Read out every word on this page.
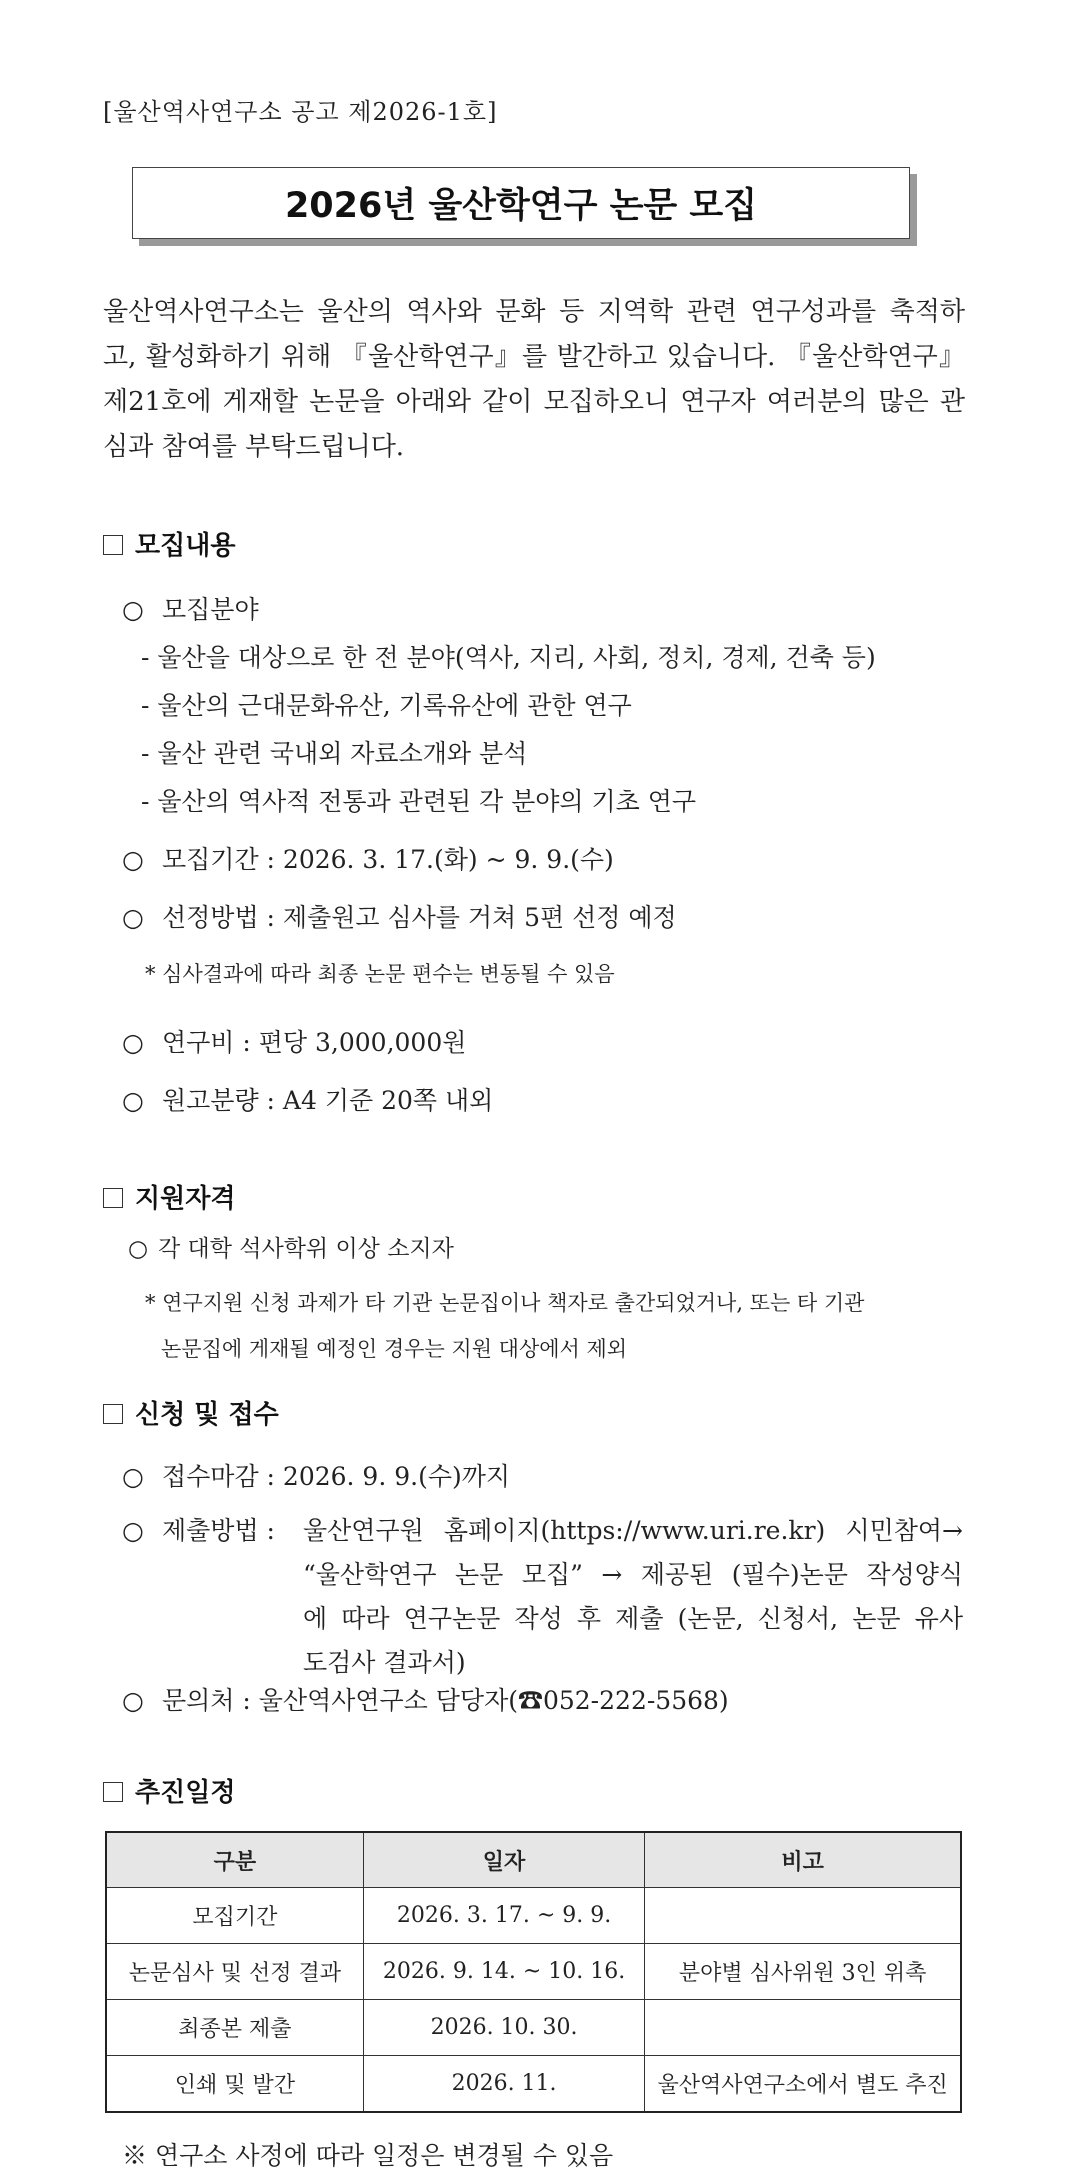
[울산역사연구소 공고 제2026-1호]
2026년 울산학연구 논문 모집
울산역사연구소는 울산의 역사와 문화 등 지역학 관련 연구성과를 축적하
고, 활성화하기 위해 『울산학연구』를 발간하고 있습니다. 『울산학연구』
제21호에 게재할 논문을 아래와 같이 모집하오니 연구자 여러분의 많은 관
심과 참여를 부탁드립니다.
모집내용
○ 모집분야
- 울산을 대상으로 한 전 분야(역사, 지리, 사회, 정치, 경제, 건축 등)
- 울산의 근대문화유산, 기록유산에 관한 연구
- 울산 관련 국내외 자료소개와 분석
- 울산의 역사적 전통과 관련된 각 분야의 기초 연구
○ 모집기간 : 2026. 3. 17.(화) ~ 9. 9.(수)
○ 선정방법 : 제출원고 심사를 거쳐 5편 선정 예정
* 심사결과에 따라 최종 논문 편수는 변동될 수 있음
○ 연구비 : 편당 3,000,000원
○ 원고분량 : A4 기준 20쪽 내외
지원자격
○ 각 대학 석사학위 이상 소지자
* 연구지원 신청 과제가 타 기관 논문집이나 책자로 출간되었거나, 또는 타 기관
논문집에 게재될 예정인 경우는 지원 대상에서 제외
신청 및 접수
○ 접수마감 : 2026. 9. 9.(수)까지
○ 제출방법 : 울산연구원 홈페이지(https://www.uri.re.kr) 시민참여→
“울산학연구 논문 모집” → 제공된 (필수)논문 작성양식
에 따라 연구논문 작성 후 제출 (논문, 신청서, 논문 유사
도검사 결과서)
○ 문의처 : 울산역사연구소 담당자(☎052-222-5568)
추진일정
구분	일자	비고
모집기간	2026. 3. 17. ~ 9. 9.	
논문심사 및 선정 결과	2026. 9. 14. ~ 10. 16.	분야별 심사위원 3인 위촉
최종본 제출	2026. 10. 30.	
인쇄 및 발간	2026. 11.	울산역사연구소에서 별도 추진
※ 연구소 사정에 따라 일정은 변경될 수 있음
